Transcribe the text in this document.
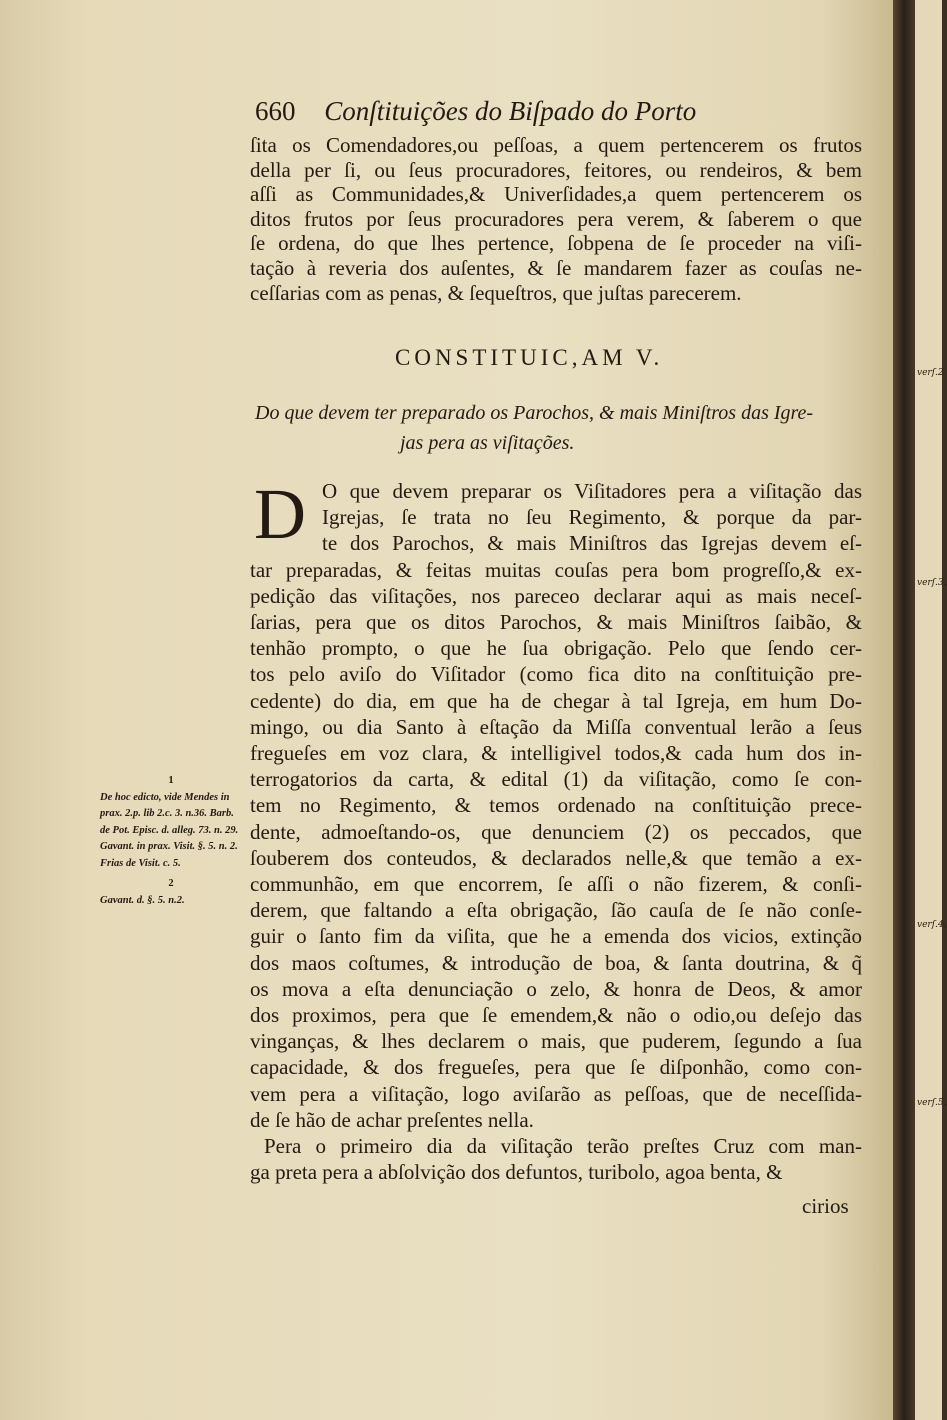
660 Conſtituições do Biſpado do Porto
ſita os Comendadores,ou peſſoas, a quem pertencerem os frutos
della per ſi, ou ſeus procuradores, feitores, ou rendeiros, & bem
aſſi as Communidades,& Univerſidades,a quem pertencerem os
ditos frutos por ſeus procuradores pera verem, & ſaberem o que
ſe ordena, do que lhes pertence, ſobpena de ſe proceder na viſi-
tação à reveria dos auſentes, & ſe mandarem fazer as couſas ne-
ceſſarias com as penas, & ſequeſtros, que juſtas parecerem.
CONSTITUIC,AM V.
Do que devem ter preparado os Parochos, & mais Miniſtros das Igre-
jas pera as viſitações.
D O que devem preparar os Viſitadores pera a viſitação das
Igrejas, ſe trata no ſeu Regimento, & porque da par-
te dos Parochos, & mais Miniſtros das Igrejas devem eſ-
tar preparadas, & feitas muitas couſas pera bom progreſſo,& ex-
pedição das viſitações, nos pareceo declarar aqui as mais neceſ-
ſarias, pera que os ditos Parochos, & mais Miniſtros ſaibão, &
tenhão prompto, o que he ſua obrigação. Pelo que ſendo cer-
tos pelo aviſo do Viſitador (como fica dito na conſtituição pre-
cedente) do dia, em que ha de chegar à tal Igreja, em hum Do-
mingo, ou dia Santo à eſtação da Miſſa conventual lerão a ſeus
fregueſes em voz clara, & intelligivel todos,& cada hum dos in-
terrogatorios da carta, & edital (1) da viſitação, como ſe con-
tem no Regimento, & temos ordenado na conſtituição prece-
dente, admoeſtando-os, que denunciem (2) os peccados, que
ſouberem dos conteudos, & declarados nelle,& que temão a ex-
communhão, em que encorrem, ſe aſſi o não fizerem, & conſi-
derem, que faltando a eſta obrigação, ſão cauſa de ſe não conſe-
guir o ſanto fim da viſita, que he a emenda dos vicios, extinção
dos maos coſtumes, & introdução de boa, & ſanta doutrina, & q̃
os mova a eſta denunciação o zelo, & honra de Deos, & amor
dos proximos, pera que ſe emendem,& não o odio,ou deſejo das
vinganças, & lhes declarem o mais, que puderem, ſegundo a ſua
capacidade, & dos fregueſes, pera que ſe diſponhão, como con-
vem pera a viſitação, logo aviſarão as peſſoas, que de neceſſida-
de ſe hão de achar preſentes nella.
Pera o primeiro dia da viſitação terão preſtes Cruz com man-
ga preta pera a abſolvição dos defuntos, turibolo, agoa benta, &
cirios
1
De hoc edicto, vide Mendes in prax. 2.p. lib 2.c. 3. n.36. Barb. de Pot. Episc. d. alleg. 73. n. 29. Gavant. in prax. Visit. §. 5. n. 2. Frias de Visit. c. 5.
2
Gavant. d. §. 5. n.2.
verſ.2
verſ.3.
verſ.4.
verſ.5.
